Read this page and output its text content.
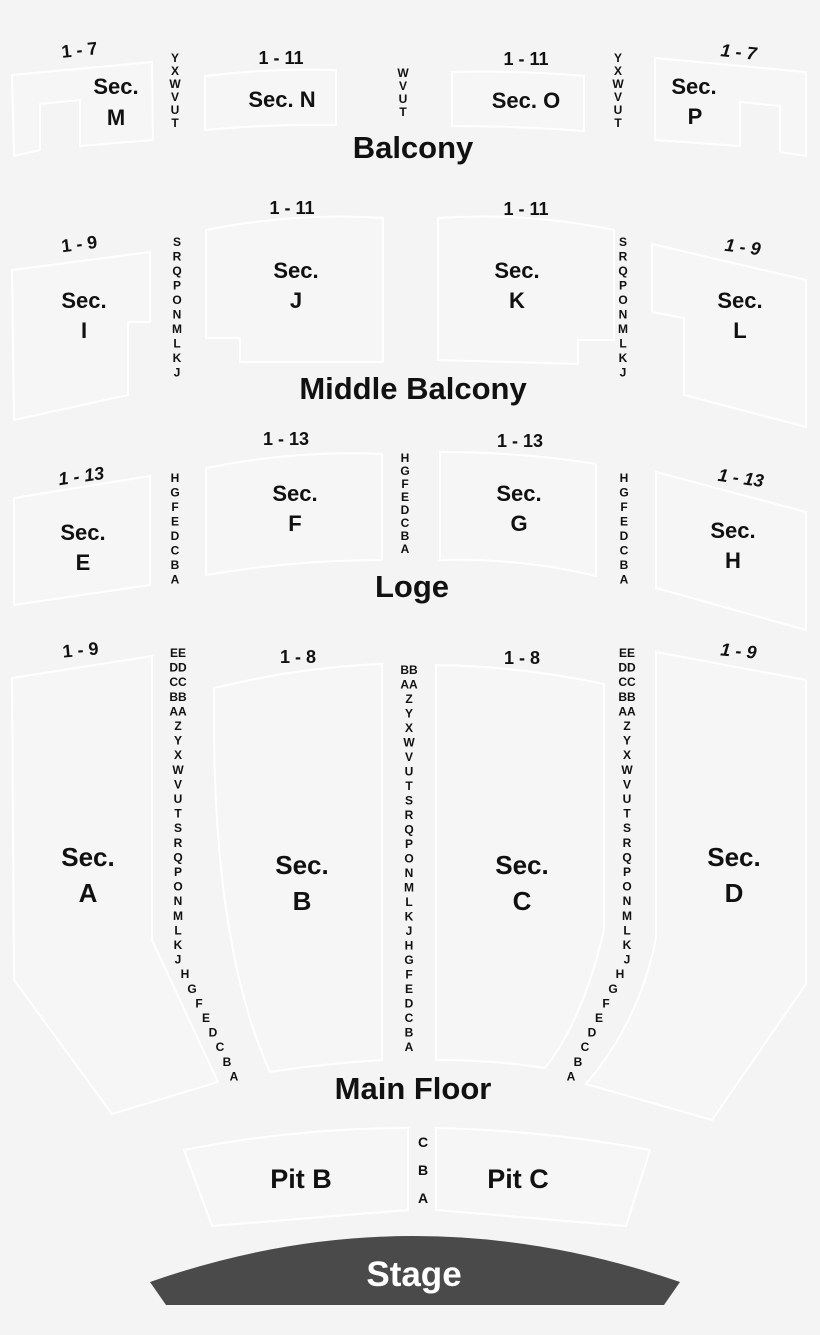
Stage
Balcony
Middle Balcony
Loge
Main Floor
Sec.
M
Sec. N	Sec. O
Sec.
P
Sec.
I
Sec.
J
Sec.
K	Sec.
L
Sec.
E
Sec.
F
Sec.
G	Sec.
H
Sec.
A
Sec.
B
Sec.
C
Sec.
D
Pit B	Pit C
1 - 7	1 - 11	1 - 11	1 - 7
1 - 9
1 - 11	1 - 11
1 - 9
1 - 13
1 - 13	1 - 13
1 - 13
1 - 9	1 - 8	1 - 8	1 - 9
Y
X
W
V
U
T
W
V
U
T
Y
X
W
V
U
T
S
R
Q
P
O
N
M
L
K
J
S
R
Q
P
O
N
M
L
K
J
H
G
F
E
D
C
B
A
H
G
F
E
D
C
B
A
H
G
F
E
D
C
B
A
EE
DD
CC
BB
AA
Z
Y
X
W
V
U
T
S
R
Q
P
O
N
M
L
K
J
H
G
F
E
D
C
B
A
BB
AA
Z
Y
X
W
V
U
T
S
R
Q
P
O
N
M
L
K
J
H
G
F
E
D
C
B
A
EE
DD
CC
BB
AA
Z
Y
X
W
V
U
T
S
R
Q
P
O
N
M
L
K
J
H
G
F
E
D
C
B
A
C
B
A
